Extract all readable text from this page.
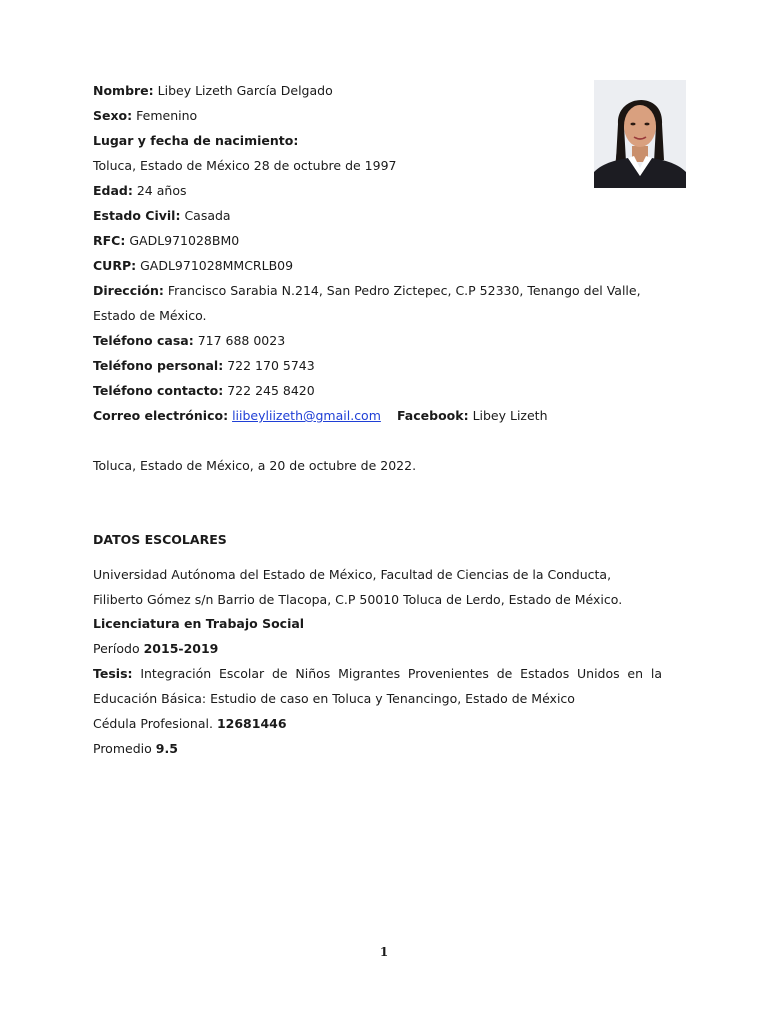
Nombre: Libey Lizeth García Delgado
Sexo: Femenino
Lugar y fecha de nacimiento:
Toluca, Estado de México 28 de octubre de 1997
Edad: 24 años
Estado Civil: Casada
RFC: GADL971028BM0
CURP: GADL971028MMCRLB09
Dirección: Francisco Sarabia N.214, San Pedro Zictepec, C.P 52330, Tenango del Valle,
Estado de México.
Teléfono casa: 717 688 0023
Teléfono personal: 722 170 5743
Teléfono contacto: 722 245 8420
Correo electrónico: liibeyliizeth@gmail.com Facebook: Libey Lizeth
Toluca, Estado de México, a 20 de octubre de 2022.
DATOS ESCOLARES
Universidad Autónoma del Estado de México, Facultad de Ciencias de la Conducta,
Filiberto Gómez s/n Barrio de Tlacopa, C.P 50010 Toluca de Lerdo, Estado de México.
Licenciatura en Trabajo Social
Período 2015-2019
Tesis: Integración Escolar de Niños Migrantes Provenientes de Estados Unidos en la
Educación Básica: Estudio de caso en Toluca y Tenancingo, Estado de México
Cédula Profesional. 12681446
Promedio 9.5
1
